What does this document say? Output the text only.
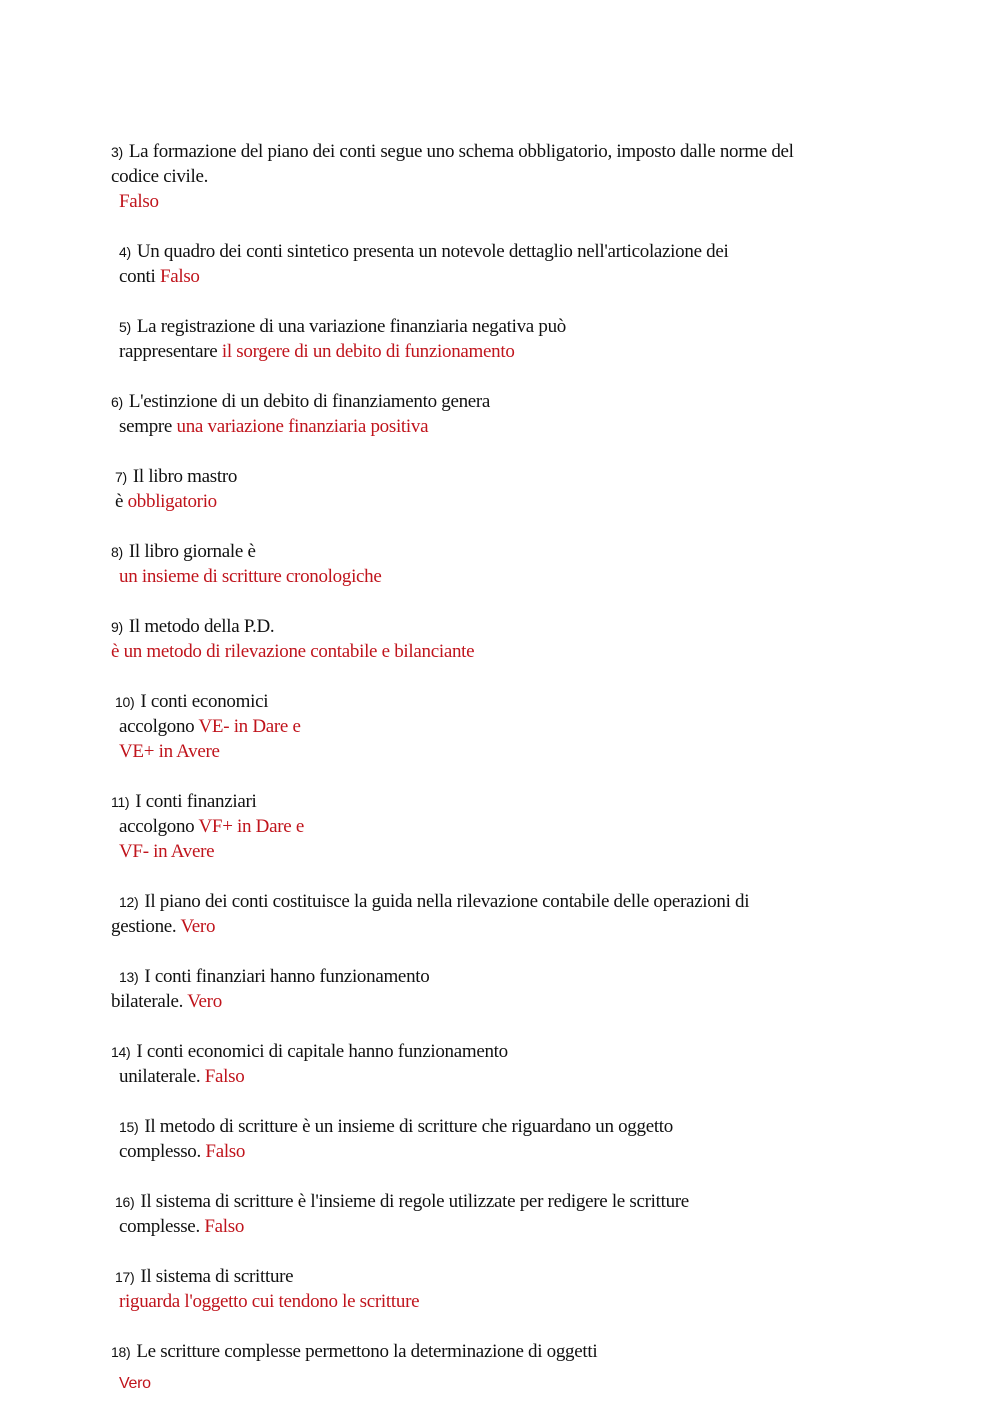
3) La formazione del piano dei conti segue uno schema obbligatorio, imposto dalle norme del
codice civile.
Falso
4) Un quadro dei conti sintetico presenta un notevole dettaglio nell'articolazione dei
conti Falso
5) La registrazione di una variazione finanziaria negativa può
rappresentare il sorgere di un debito di funzionamento
6) L'estinzione di un debito di finanziamento genera
sempre una variazione finanziaria positiva
7) Il libro mastro
è obbligatorio
8) Il libro giornale è
un insieme di scritture cronologiche
9) Il metodo della P.D.
è un metodo di rilevazione contabile e bilanciante
10) I conti economici
accolgono VE- in Dare e
VE+ in Avere
11) I conti finanziari
accolgono VF+ in Dare e
VF- in Avere
12) Il piano dei conti costituisce la guida nella rilevazione contabile delle operazioni di
gestione. Vero
13) I conti finanziari hanno funzionamento
bilaterale. Vero
14) I conti economici di capitale hanno funzionamento
unilaterale. Falso
15) Il metodo di scritture è un insieme di scritture che riguardano un oggetto
complesso. Falso
16) Il sistema di scritture è l'insieme di regole utilizzate per redigere le scritture
complesse. Falso
17) Il sistema di scritture
riguarda l'oggetto cui tendono le scritture
18) Le scritture complesse permettono la determinazione di oggetti
Vero
